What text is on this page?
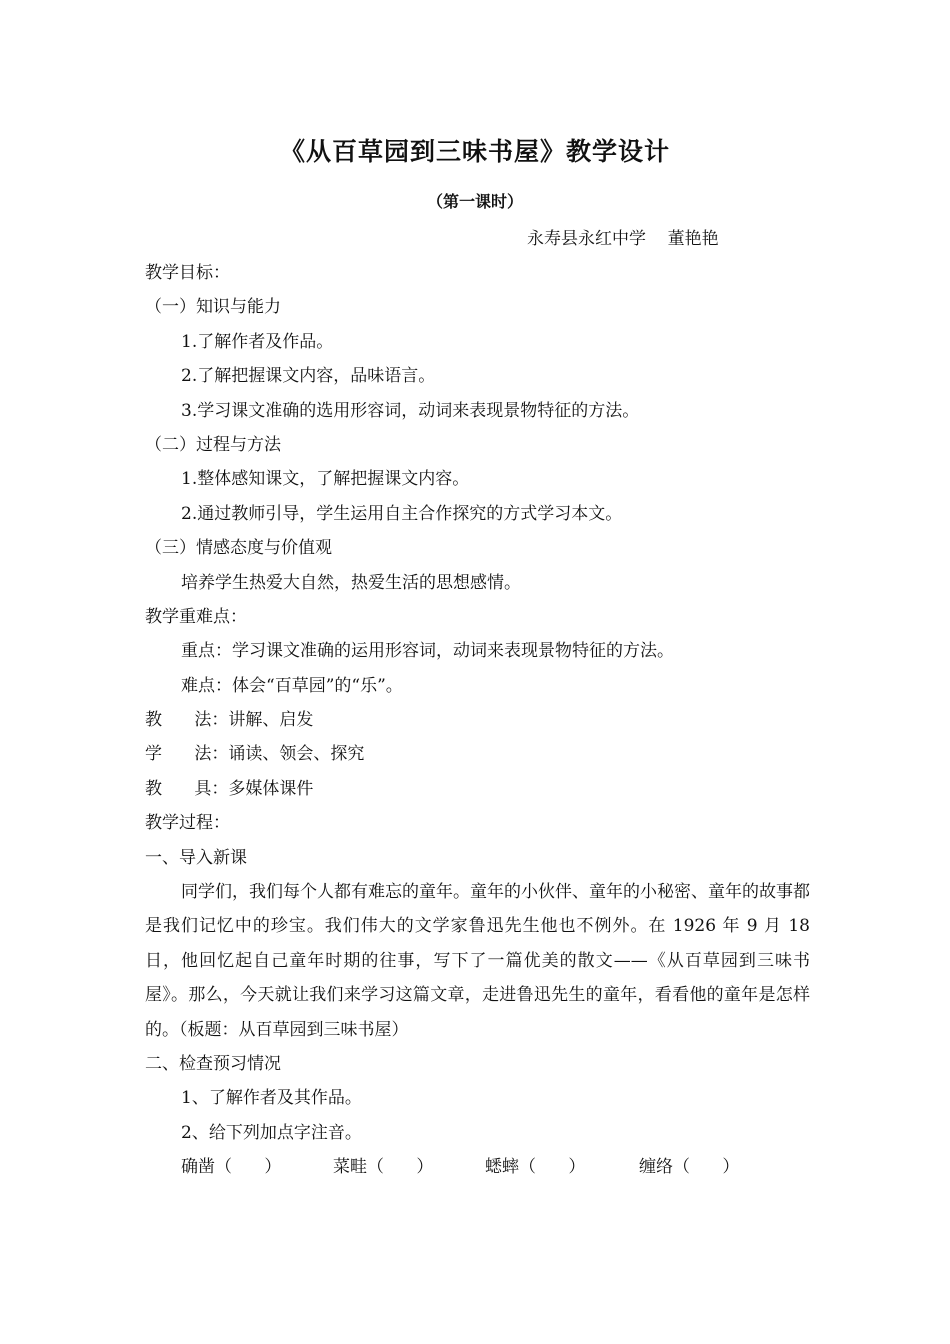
《从百草园到三味书屋》教学设计
（第一课时）
永寿县永红中学    董艳艳
教学目标：
（一）知识与能力
1.了解作者及作品。
2.了解把握课文内容，品味语言。
3.学习课文准确的选用形容词，动词来表现景物特征的方法。
（二）过程与方法
1.整体感知课文，了解把握课文内容。
2.通过教师引导，学生运用自主合作探究的方式学习本文。
（三）情感态度与价值观
培养学生热爱大自然，热爱生活的思想感情。
教学重难点：
重点：学习课文准确的运用形容词，动词来表现景物特征的方法。
难点：体会“百草园”的“乐”。
教      法：讲解、启发
学      法：诵读、领会、探究
教      具：多媒体课件
教学过程：
一、导入新课
同学们，我们每个人都有难忘的童年。童年的小伙伴、童年的小秘密、童年的故事都是我们记忆中的珍宝。我们伟大的文学家鲁迅先生他也不例外。在 1926 年 9 月 18 日，他回忆起自己童年时期的往事，写下了一篇优美的散文——《从百草园到三味书屋》。那么，今天就让我们来学习这篇文章，走进鲁迅先生的童年，看看他的童年是怎样的。（板题：从百草园到三味书屋）
二、检查预习情况
1、了解作者及其作品。
2、给下列加点字注音。
确凿（      ）	菜畦（      ）	蟋蟀（      ）	缠络（      ）
